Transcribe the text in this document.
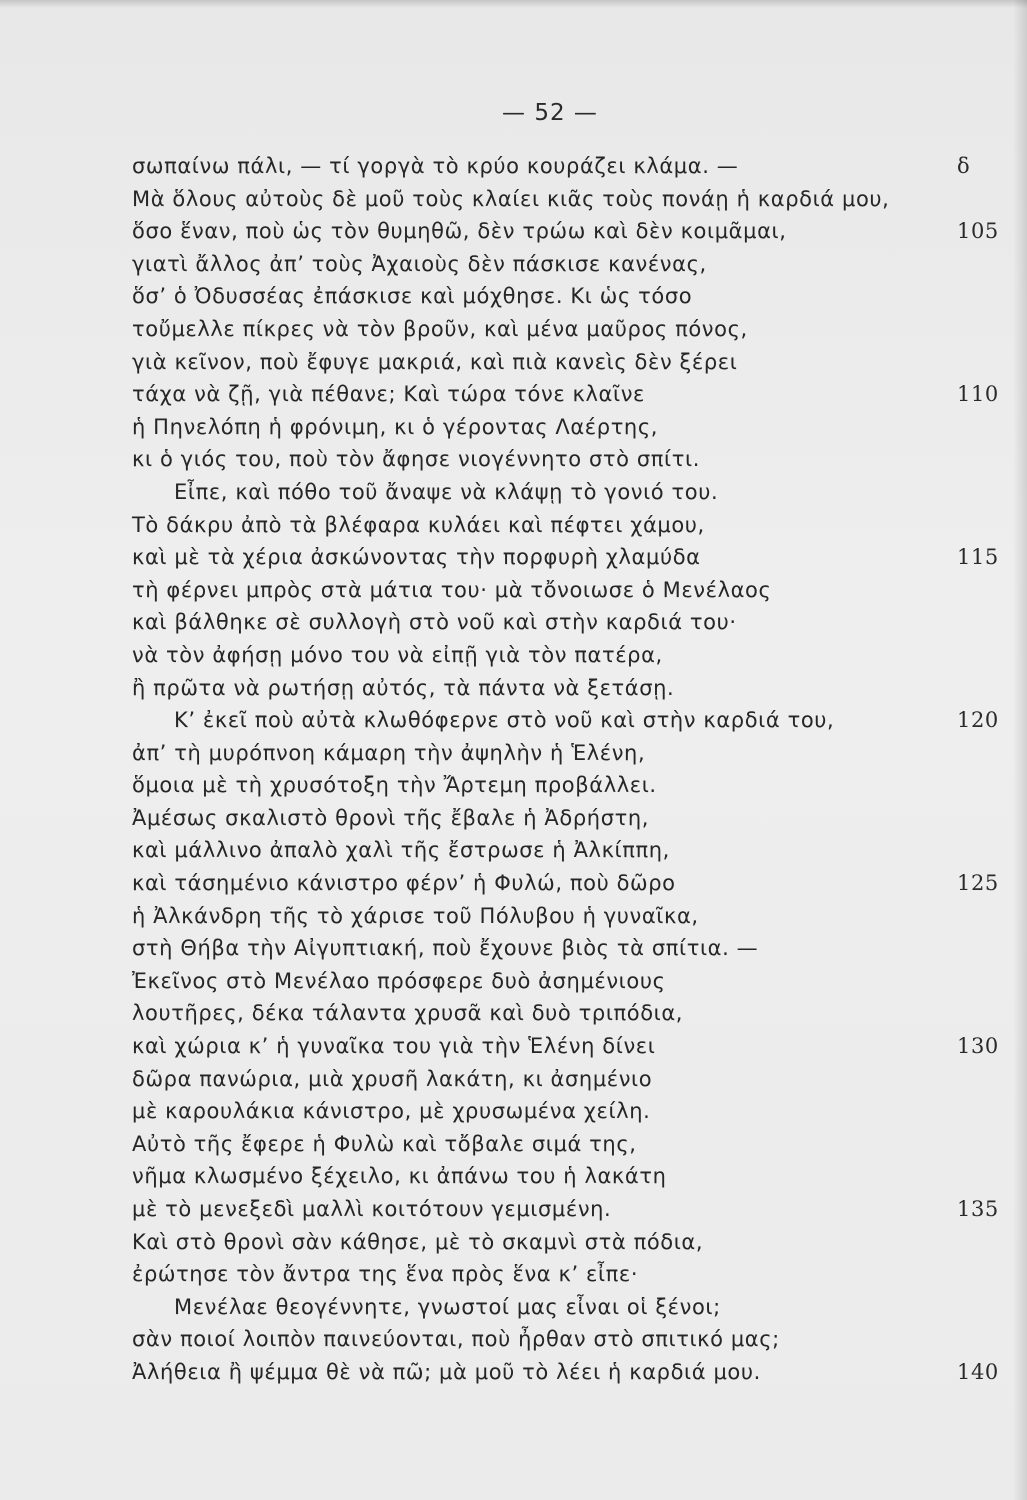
— 52 —
σωπαίνω πάλι, — τί γοργὰ τὸ κρύο κουράζει κλάμα. —	δ
Μὰ ὅλους αὐτοὺς δὲ μοῦ τοὺς κλαίει κιᾶς τοὺς πονάῃ ἡ καρδιά μου,
ὅσο ἕναν, ποὺ ὡς τὸν θυμηθῶ, δὲν τρώω καὶ δὲν κοιμᾶμαι,	105
γιατὶ ἄλλος ἀπ’ τοὺς Ἀχαιοὺς δὲν πάσκισε κανένας,
ὅσ’ ὁ Ὀδυσσέας ἐπάσκισε καὶ μόχθησε. Κι ὡς τόσο
τοὔμελλε πίκρες νὰ τὸν βροῦν, καὶ μένα μαῦρος πόνος,
γιὰ κεῖνον, ποὺ ἔφυγε μακριά, καὶ πιὰ κανεὶς δὲν ξέρει
τάχα νὰ ζῇ, γιὰ πέθανε; Καὶ τώρα τόνε κλαῖνε	110
ἡ Πηνελόπη ἡ φρόνιμη, κι ὁ γέροντας Λαέρτης,
κι ὁ γιός του, ποὺ τὸν ἄφησε νιογέννητο στὸ σπίτι.
Εἶπε, καὶ πόθο τοῦ ἄναψε νὰ κλάψῃ τὸ γονιό του.
Τὸ δάκρυ ἀπὸ τὰ βλέφαρα κυλάει καὶ πέφτει χάμου,
καὶ μὲ τὰ χέρια ἀσκώνοντας τὴν πορφυρὴ χλαμύδα	115
τὴ φέρνει μπρὸς στὰ μάτια του· μὰ τὄνοιωσε ὁ Μενέλαος
καὶ βάλθηκε σὲ συλλογὴ στὸ νοῦ καὶ στὴν καρδιά του·
νὰ τὸν ἀφήσῃ μόνο του νὰ εἰπῇ γιὰ τὸν πατέρα,
ἢ πρῶτα νὰ ρωτήσῃ αὐτός, τὰ πάντα νὰ ξετάσῃ.
Κ’ ἐκεῖ ποὺ αὐτὰ κλωθόφερνε στὸ νοῦ καὶ στὴν καρδιά του,	120
ἀπ’ τὴ μυρόπνοη κάμαρη τὴν ἀψηλὴν ἡ Ἑλένη,
ὅμοια μὲ τὴ χρυσότοξη τὴν Ἄρτεμη προβάλλει.
Ἀμέσως σκαλιστὸ θρονὶ τῆς ἔβαλε ἡ Ἀδρήστη,
καὶ μάλλινο ἀπαλὸ χαλὶ τῆς ἔστρωσε ἡ Ἀλκίππη,
καὶ τάσημένιο κάνιστρο φέρν’ ἡ Φυλώ, ποὺ δῶρο	125
ἡ Ἀλκάνδρη τῆς τὸ χάρισε τοῦ Πόλυβου ἡ γυναῖκα,
στὴ Θήβα τὴν Αἰγυπτιακή, ποὺ ἔχουνε βιὸς τὰ σπίτια. —
Ἐκεῖνος στὸ Μενέλαο πρόσφερε δυὸ ἀσημένιους
λουτῆρες, δέκα τάλαντα χρυσᾶ καὶ δυὸ τριπόδια,
καὶ χώρια κ’ ἡ γυναῖκα του γιὰ τὴν Ἑλένη δίνει	130
δῶρα πανώρια, μιὰ χρυσῆ λακάτη, κι ἀσημένιο
μὲ καρουλάκια κάνιστρο, μὲ χρυσωμένα χείλη.
Αὐτὸ τῆς ἔφερε ἡ Φυλὼ καὶ τὄβαλε σιμά της,
νῆμα κλωσμένο ξέχειλο, κι ἀπάνω του ἡ λακάτη
μὲ τὸ μενεξεδὶ μαλλὶ κοιτότουν γεμισμένη.	135
Καὶ στὸ θρονὶ σὰν κάθησε, μὲ τὸ σκαμνὶ στὰ πόδια,
ἐρώτησε τὸν ἄντρα της ἕνα πρὸς ἕνα κ’ εἶπε·
Μενέλαε θεογέννητε, γνωστοί μας εἶναι οἱ ξένοι;
σὰν ποιοί λοιπὸν παινεύονται, ποὺ ἦρθαν στὸ σπιτικό μας;
Ἀλήθεια ἢ ψέμμα θὲ νὰ πῶ; μὰ μοῦ τὸ λέει ἡ καρδιά μου.	140
